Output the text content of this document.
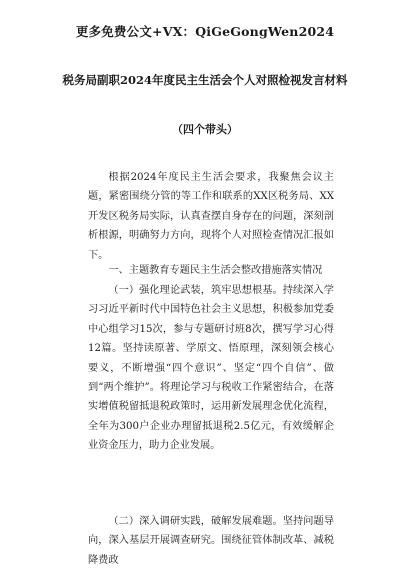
更多免费公文+VX：QiGeGongWen2024
税务局副职2024年度民主生活会个人对照检视发言材料
（四个带头）

根据2024年度民主生活会要求，我聚焦会议主题，紧密围绕分管的等工作和联系的XX区税务局、XX开发区税务局实际，认真查摆自身存在的问题，深刻剖析根源，明确努力方向，现将个人对照检查情况汇报如下。

一、主题教育专题民主生活会整改措施落实情况

（一）强化理论武装，筑牢思想根基。持续深入学习习近平新时代中国特色社会主义思想，积极参加党委中心组学习15次，参与专题研讨班8次，撰写学习心得12篇。坚持读原著、学原文、悟原理，深刻领会核心要义，不断增强“四个意识”、坚定“四个自信”、做到“两个维护”。将理论学习与税收工作紧密结合，在落实增值税留抵退税政策时，运用新发展理念优化流程，全年为300户企业办理留抵退税2.5亿元，有效缓解企业资金压力，助力企业发展。

（二）深入调研实践，破解发展难题。坚持问题导向，深入基层开展调查研究。围绕征管体制改革、减税降费政
